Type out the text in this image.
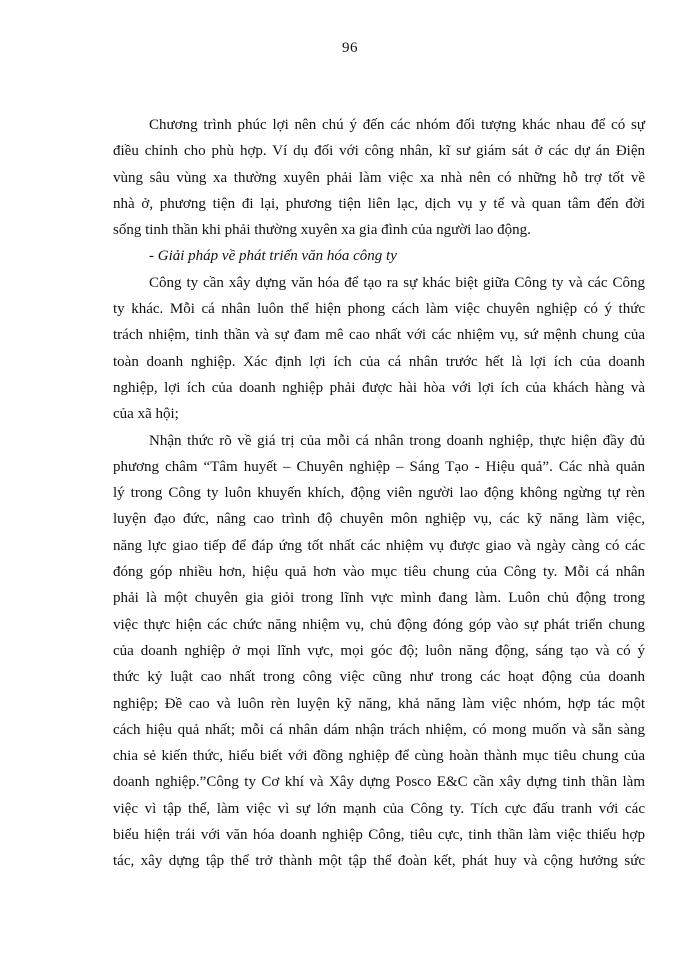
96
Chương trình phúc lợi nên chú ý đến các nhóm đối tượng khác nhau để có sự
điều chỉnh cho phù hợp. Ví dụ đối với công nhân, kĩ sư giám sát ở các dự án Điện
vùng sâu vùng xa thường xuyên phải làm việc xa nhà nên có những hỗ trợ tốt về
nhà ở, phương tiện đi lại, phương tiện liên lạc, dịch vụ y tế và quan tâm đến đời
sống tinh thần khi phải thường xuyên xa gia đình của người lao động.
- Giải pháp về phát triển văn hóa công ty
Công ty cần xây dựng văn hóa để tạo ra sự khác biệt giữa Công ty và các Công
ty khác. Mỗi cá nhân luôn thể hiện phong cách làm việc chuyên nghiệp có ý thức
trách nhiệm, tinh thần và sự đam mê cao nhất với các nhiệm vụ, sứ mệnh chung của
toàn doanh nghiệp. Xác định lợi ích của cá nhân trước hết là lợi ích của doanh
nghiệp, lợi ích của doanh nghiệp phải được hài hòa với lợi ích của khách hàng và
của xã hội;
Nhận thức rõ về giá trị của mỗi cá nhân trong doanh nghiệp, thực hiện đầy đủ
phương châm “Tâm huyết – Chuyên nghiệp – Sáng Tạo - Hiệu quả”. Các nhà quản
lý trong Công ty luôn khuyến khích, động viên người lao động không ngừng tự rèn
luyện đạo đức, nâng cao trình độ chuyên môn nghiệp vụ, các kỹ năng làm việc,
năng lực giao tiếp để đáp ứng tốt nhất các nhiệm vụ được giao và ngày càng có các
đóng góp nhiều hơn, hiệu quả hơn vào mục tiêu chung của Công ty. Mỗi cá nhân
phải là một chuyên gia giỏi trong lĩnh vực mình đang làm. Luôn chủ động trong
việc thực hiện các chức năng nhiệm vụ, chủ động đóng góp vào sự phát triển chung
của doanh nghiệp ở mọi lĩnh vực, mọi góc độ; luôn năng động, sáng tạo và có ý
thức kỷ luật cao nhất trong công việc cũng như trong các hoạt động của doanh
nghiệp; Đề cao và luôn rèn luyện kỹ năng, khả năng làm việc nhóm, hợp tác một
cách hiệu quả nhất; mỗi cá nhân dám nhận trách nhiệm, có mong muốn và sẵn sàng
chia sẻ kiến thức, hiểu biết với đồng nghiệp để cùng hoàn thành mục tiêu chung của
doanh nghiệp.”Công ty Cơ khí và Xây dựng Posco E&C cần xây dựng tinh thần làm
việc vì tập thể, làm việc vì sự lớn mạnh của Công ty. Tích cực đấu tranh với các
biểu hiện trái với văn hóa doanh nghiệp Công, tiêu cực, tinh thần làm việc thiếu hợp
tác, xây dựng tập thể trở thành một tập thể đoàn kết, phát huy và cộng hưởng sức
